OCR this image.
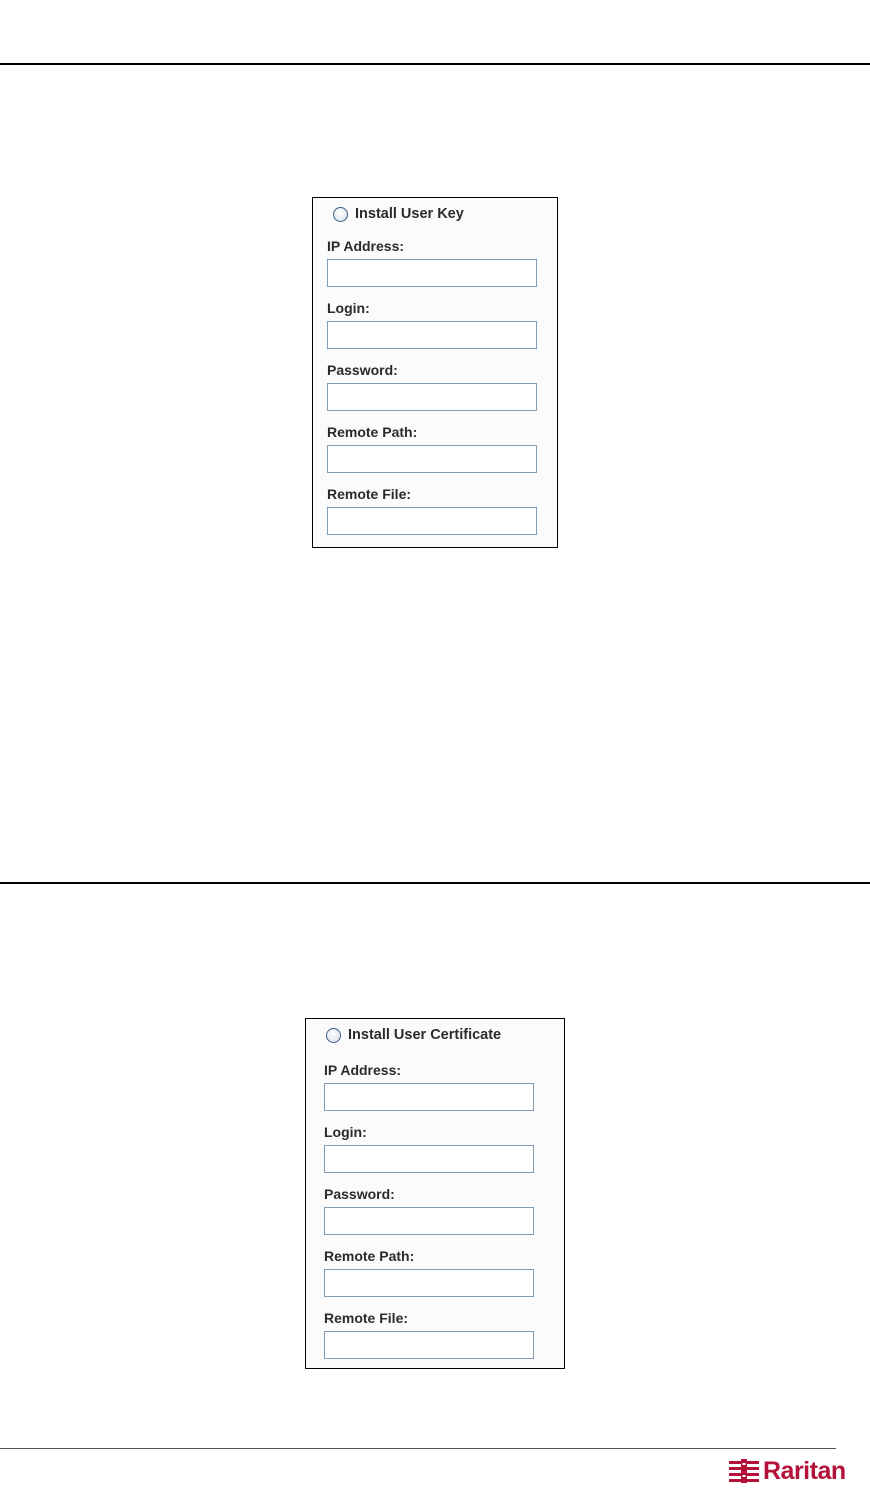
Install User Key
IP Address:
Login:
Password:
Remote Path:
Remote File:
Install User Certificate
IP Address:
Login:
Password:
Remote Path:
Remote File:
Raritan
